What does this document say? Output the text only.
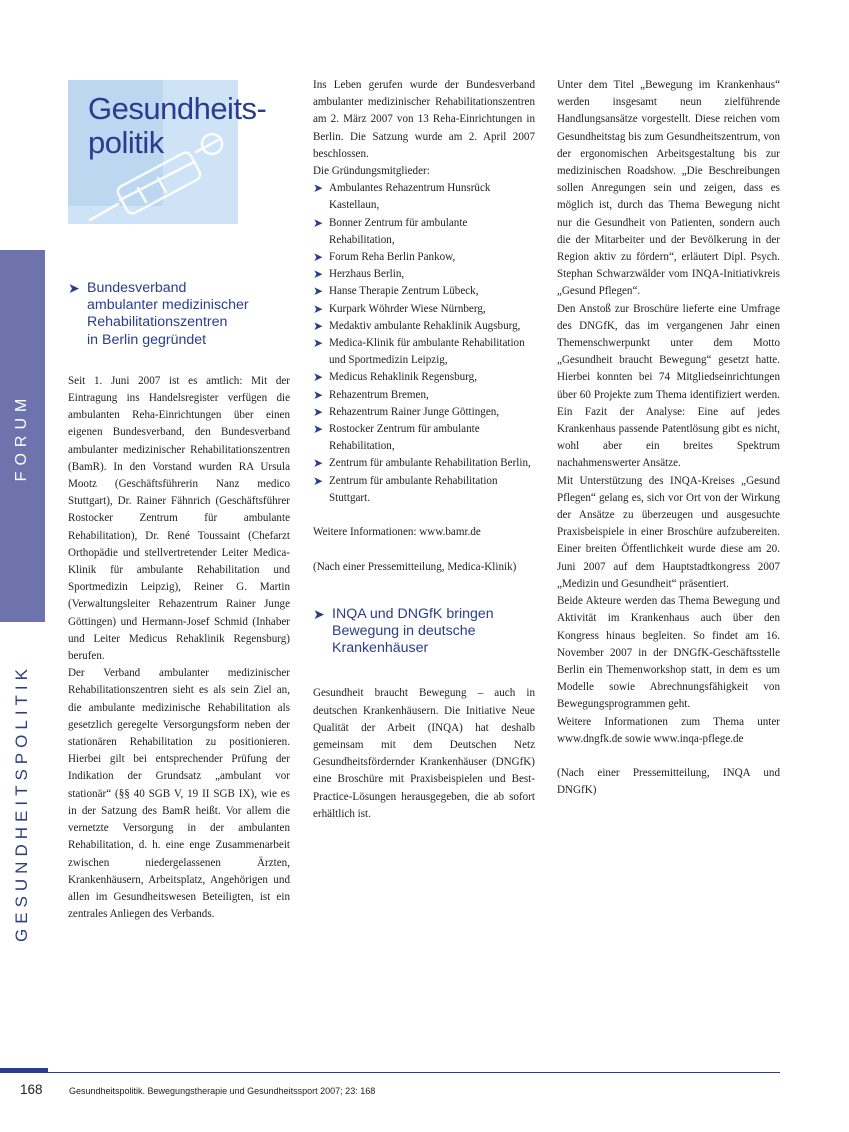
FORUM
GESUNDHEITSPOLITIK
Gesundheits-
politik
➤ Bundesverband
ambulanter medizinischer
Rehabilitationszentren
in Berlin gegründet

Seit 1. Juni 2007 ist es amtlich: Mit der Eintragung ins Handelsregister verfügen die ambulanten Reha-Einrichtungen über einen eigenen Bundesverband, den Bundesverband ambulanter medizinischer Rehabilitationszentren (BamR). In den Vorstand wurden RA Ursula Mootz (Geschäftsführerin Nanz medico Stuttgart), Dr. Rainer Fähnrich (Geschäftsführer Rostocker Zentrum für ambulante Rehabilitation), Dr. René Toussaint (Chefarzt Orthopädie und stellvertretender Leiter Medica-Klinik für ambulante Rehabilitation und Sportmedizin Leipzig), Reiner G. Martin (Verwaltungsleiter Rehazentrum Rainer Junge Göttingen) und Hermann-Josef Schmid (Inhaber und Leiter Medicus Rehaklinik Regensburg) berufen.

Der Verband ambulanter medizinischer Rehabilitationszentren sieht es als sein Ziel an, die ambulante medizinische Rehabilitation als gesetzlich geregelte Versorgungsform neben der stationären Rehabilitation zu positionieren. Hierbei gilt bei entsprechender Prüfung der Indikation der Grundsatz „ambulant vor stationär“ (§§ 40 SGB V, 19 II SGB IX), wie es in der Satzung des BamR heißt. Vor allem die vernetzte Versorgung in der ambulanten Rehabilitation, d. h. eine enge Zusammenarbeit zwischen niedergelassenen Ärzten, Krankenhäusern, Arbeitsplatz, Angehörigen und allen im Gesundheitswesen Beteiligten, ist ein zentrales Anliegen des Verbands.

Ins Leben gerufen wurde der Bundesverband ambulanter medizinischer Rehabilitationszentren am 2. März 2007 von 13 Reha-Einrichtungen in Berlin. Die Satzung wurde am 2. April 2007 beschlossen.

Die Gründungsmitglieder:

➤ Ambulantes Rehazentrum Hunsrück Kastellaun,
➤ Bonner Zentrum für ambulante Rehabilitation,
➤ Forum Reha Berlin Pankow,
➤ Herzhaus Berlin,
➤ Hanse Therapie Zentrum Lübeck,
➤ Kurpark Wöhrder Wiese Nürnberg,
➤ Medaktiv ambulante Rehaklinik Augsburg,
➤ Medica-Klinik für ambulante Rehabilitation und Sportmedizin Leipzig,
➤ Medicus Rehaklinik Regensburg,
➤ Rehazentrum Bremen,
➤ Rehazentrum Rainer Junge Göttingen,
➤ Rostocker Zentrum für ambulante Rehabilitation,
➤ Zentrum für ambulante Rehabilitation Berlin,
➤ Zentrum für ambulante Rehabilitation Stuttgart.

Weitere Informationen: www.bamr.de

(Nach einer Pressemitteilung, Medica-Klinik)

➤ INQA und DNGfK bringen
Bewegung in deutsche
Krankenhäuser

Gesundheit braucht Bewegung – auch in deutschen Krankenhäusern. Die Initiative Neue Qualität der Arbeit (INQA) hat deshalb gemeinsam mit dem Deutschen Netz Gesundheitsfördernder Krankenhäuser (DNGfK) eine Broschüre mit Praxisbeispielen und Best-Practice-Lösungen herausgegeben, die ab sofort erhältlich ist.

Unter dem Titel „Bewegung im Krankenhaus“ werden insgesamt neun zielführende Handlungsansätze vorgestellt. Diese reichen vom Gesundheitstag bis zum Gesundheitszentrum, von der ergonomischen Arbeitsgestaltung bis zur medizinischen Roadshow. „Die Beschreibungen sollen Anregungen sein und zeigen, dass es möglich ist, durch das Thema Bewegung nicht nur die Gesundheit von Patienten, sondern auch die der Mitarbeiter und der Bevölkerung in der Region aktiv zu fördern“, erläutert Dipl. Psych. Stephan Schwarzwälder vom INQA-Initiativkreis „Gesund Pflegen“.

Den Anstoß zur Broschüre lieferte eine Umfrage des DNGfK, das im vergangenen Jahr einen Themenschwerpunkt unter dem Motto „Gesundheit braucht Bewegung“ gesetzt hatte. Hierbei konnten bei 74 Mitgliedseinrichtungen über 60 Projekte zum Thema identifiziert werden. Ein Fazit der Analyse: Eine auf jedes Krankenhaus passende Patentlösung gibt es nicht, wohl aber ein breites Spektrum nachahmenswerter Ansätze.

Mit Unterstützung des INQA-Kreises „Gesund Pflegen“ gelang es, sich vor Ort von der Wirkung der Ansätze zu überzeugen und ausgesuchte Praxisbeispiele in einer Broschüre aufzubereiten. Einer breiten Öffentlichkeit wurde diese am 20. Juni 2007 auf dem Hauptstadtkongress 2007 „Medizin und Gesundheit“ präsentiert.

Beide Akteure werden das Thema Bewegung und Aktivität im Krankenhaus auch über den Kongress hinaus begleiten. So findet am 16. November 2007 in der DNGfK-Geschäftsstelle Berlin ein Themenworkshop statt, in dem es um Modelle sowie Abrechnungsfähigkeit von Bewegungsprogrammen geht.

Weitere Informationen zum Thema unter www.dngfk.de sowie www.inqa-pflege.de

(Nach einer Pressemitteilung, INQA und DNGfK)

168	Gesundheitspolitik. Bewegungstherapie und Gesundheitssport 2007; 23: 168
